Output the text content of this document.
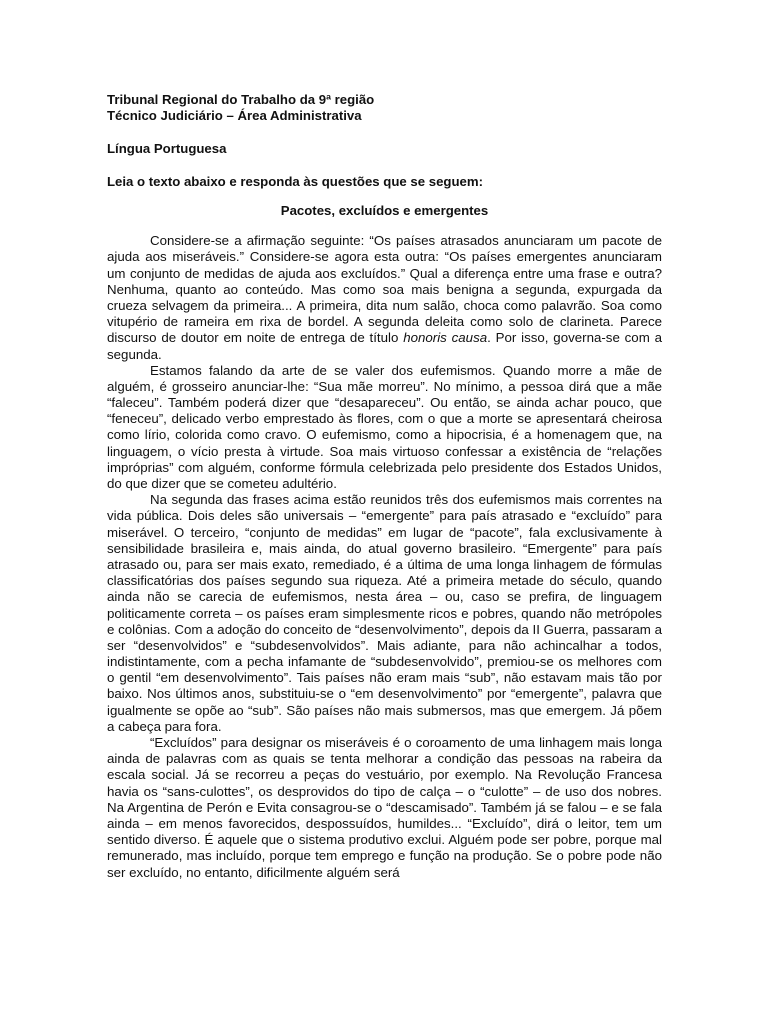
Tribunal Regional do Trabalho da 9ª região

Técnico Judiciário – Área Administrativa

Língua Portuguesa

Leia o texto abaixo e responda às questões que se seguem:

Pacotes, excluídos e emergentes

Considere-se a afirmação seguinte: “Os países atrasados anunciaram um pacote de ajuda aos miseráveis.” Considere-se agora esta outra: “Os países emergentes anunciaram um conjunto de medidas de ajuda aos excluídos.” Qual a diferença entre uma frase e outra? Nenhuma, quanto ao conteúdo. Mas como soa mais benigna a segunda, expurgada da crueza selvagem da primeira... A primeira, dita num salão, choca como palavrão. Soa como vitupério de rameira em rixa de bordel. A segunda deleita como solo de clarineta. Parece discurso de doutor em noite de entrega de título honoris causa. Por isso, governa-se com a segunda.

Estamos falando da arte de se valer dos eufemismos. Quando morre a mãe de alguém, é grosseiro anunciar-lhe: “Sua mãe morreu”. No mínimo, a pessoa dirá que a mãe “faleceu”. Também poderá dizer que “desapareceu”. Ou então, se ainda achar pouco, que “feneceu”, delicado verbo emprestado às flores, com o que a morte se apresentará cheirosa como lírio, colorida como cravo. O eufemismo, como a hipocrisia, é a homenagem que, na linguagem, o vício presta à virtude. Soa mais virtuoso confessar a existência de “relações impróprias” com alguém, conforme fórmula celebrizada pelo presidente dos Estados Unidos, do que dizer que se cometeu adultério.

Na segunda das frases acima estão reunidos três dos eufemismos mais correntes na vida pública. Dois deles são universais – “emergente” para país atrasado e “excluído” para miserável. O terceiro, “conjunto de medidas” em lugar de “pacote”, fala exclusivamente à sensibilidade brasileira e, mais ainda, do atual governo brasileiro. “Emergente” para país atrasado ou, para ser mais exato, remediado, é a última de uma longa linhagem de fórmulas classificatórias dos países segundo sua riqueza. Até a primeira metade do século, quando ainda não se carecia de eufemismos, nesta área – ou, caso se prefira, de linguagem politicamente correta – os países eram simplesmente ricos e pobres, quando não metrópoles e colônias. Com a adoção do conceito de “desenvolvimento”, depois da II Guerra, passaram a ser “desenvolvidos” e “subdesenvolvidos”. Mais adiante, para não achincalhar a todos, indistintamente, com a pecha infamante de “subdesenvolvido”, premiou-se os melhores com o gentil “em desenvolvimento”. Tais países não eram mais “sub”, não estavam mais tão por baixo. Nos últimos anos, substituiu-se o “em desenvolvimento” por “emergente”, palavra que igualmente se opõe ao “sub”. São países não mais submersos, mas que emergem. Já põem a cabeça para fora.

“Excluídos” para designar os miseráveis é o coroamento de uma linhagem mais longa ainda de palavras com as quais se tenta melhorar a condição das pessoas na rabeira da escala social. Já se recorreu a peças do vestuário, por exemplo. Na Revolução Francesa havia os “sans-culottes”, os desprovidos do tipo de calça – o “culotte” – de uso dos nobres. Na Argentina de Perón e Evita consagrou-se o “descamisado”. Também já se falou – e se fala ainda – em menos favorecidos, despossuídos, humildes... “Excluído”, dirá o leitor, tem um sentido diverso. É aquele que o sistema produtivo exclui. Alguém pode ser pobre, porque mal remunerado, mas incluído, porque tem emprego e função na produção. Se o pobre pode não ser excluído, no entanto, dificilmente alguém será
